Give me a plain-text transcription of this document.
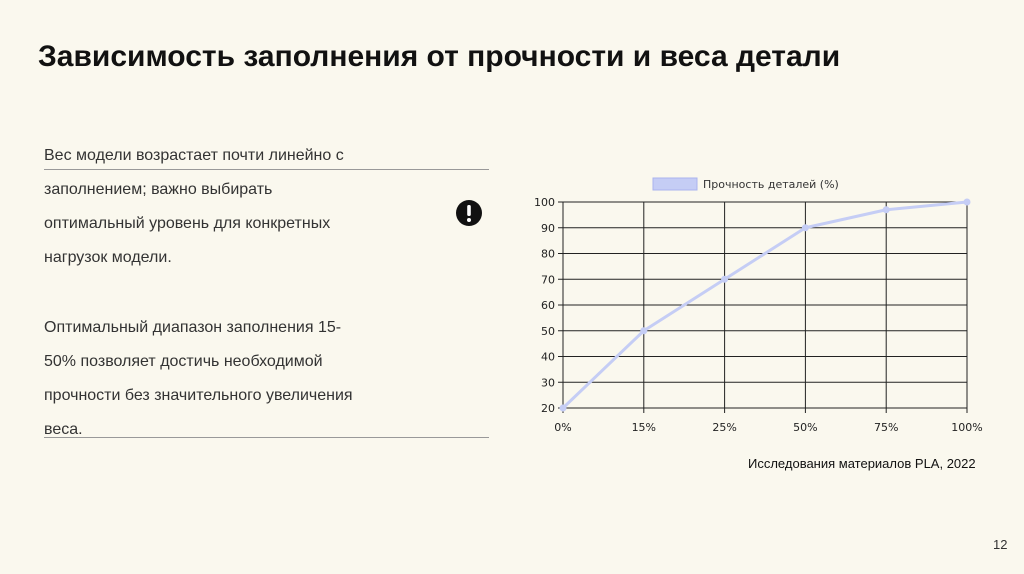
Зависимость заполнения от прочности и веса детали

Вес модели возрастает почти линейно с

заполнением; важно выбирать

оптимальный уровень для конкретных

нагрузок модели.

Оптимальный диапазон заполнения 15-

50% позволяет достичь необходимой

прочности без значительного увеличения

веса.

20
30
40
50
60
70
80
90
100
0%	15%	25%	50%	75%	100%
Прочность деталей (%)
Исследования материалов PLA, 2022
12
